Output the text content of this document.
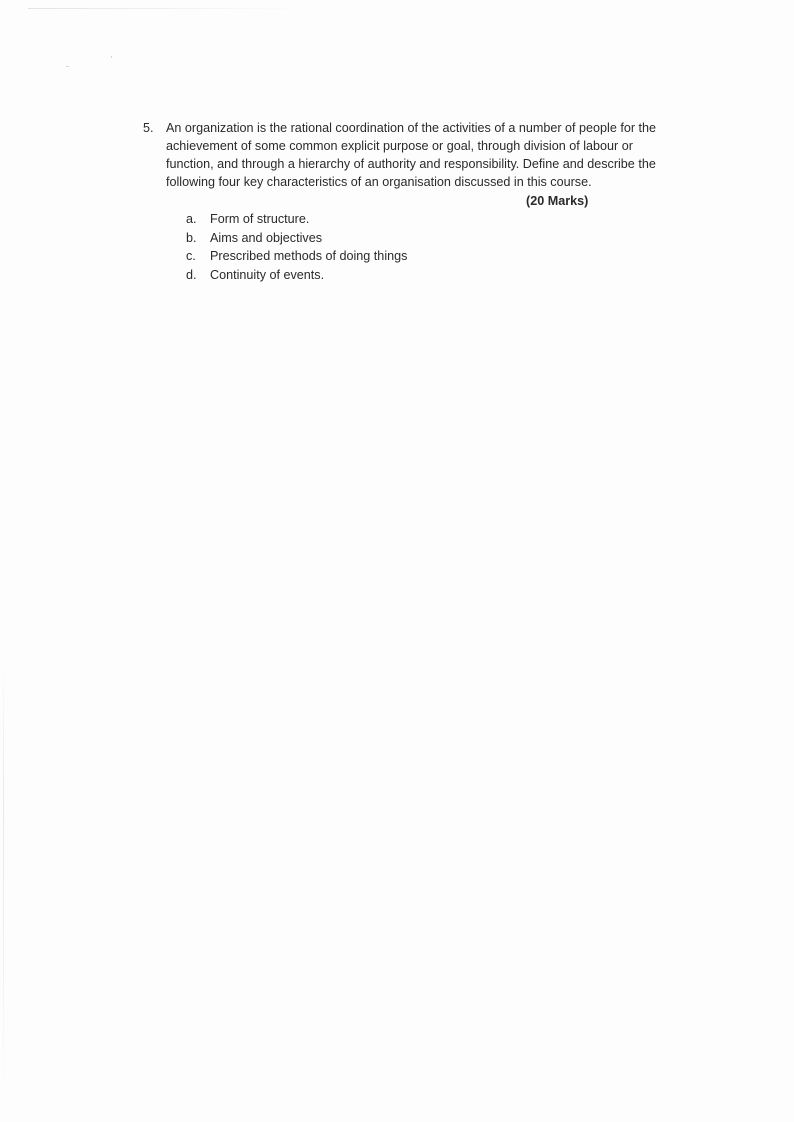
5. An organization is the rational coordination of the activities of a number of people for the achievement of some common explicit purpose or goal, through division of labour or function, and through a hierarchy of authority and responsibility. Define and describe the following four key characteristics of an organisation discussed in this course.

(20 Marks)
a.	Form of structure.
b.	Aims and objectives
c.	Prescribed methods of doing things
d.	Continuity of events.
